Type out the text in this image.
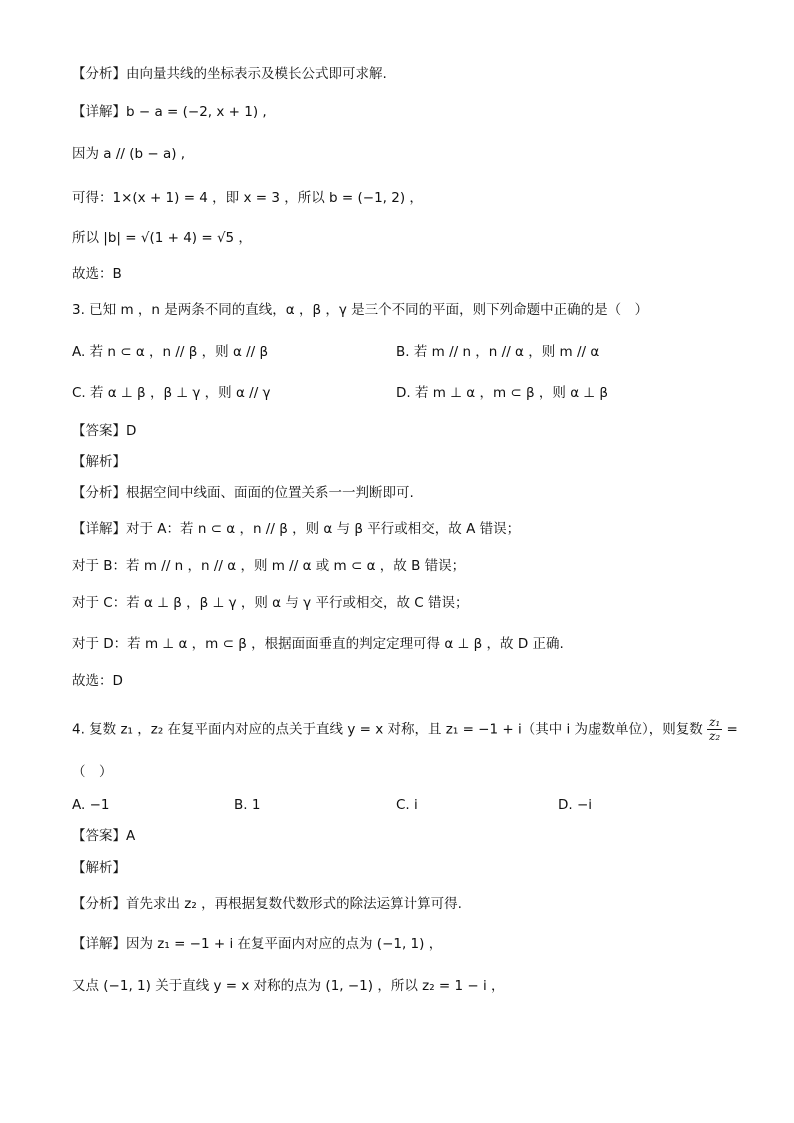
【分析】由向量共线的坐标表示及模长公式即可求解.
【详解】b − a = (−2, x + 1) ,
因为 a // (b − a) ,
可得：1×(x + 1) = 4 ，即 x = 3 ，所以 b = (−1, 2) ，
所以 |b| = √(1 + 4) = √5 ，
故选：B
3. 已知 m ，n 是两条不同的直线，α ，β ，γ 是三个不同的平面，则下列命题中正确的是（　）
A. 若 n ⊂ α ，n // β ，则 α // β	B. 若 m // n ，n // α ，则 m // α
C. 若 α ⊥ β ，β ⊥ γ ，则 α // γ	D. 若 m ⊥ α ，m ⊂ β ，则 α ⊥ β
【答案】D
【解析】
【分析】根据空间中线面、面面的位置关系一一判断即可.
【详解】对于 A：若 n ⊂ α ，n // β ，则 α 与 β 平行或相交，故 A 错误；
对于 B：若 m // n ，n // α ，则 m // α 或 m ⊂ α ，故 B 错误；
对于 C：若 α ⊥ β ，β ⊥ γ ，则 α 与 γ 平行或相交，故 C 错误；
对于 D：若 m ⊥ α ，m ⊂ β ，根据面面垂直的判定定理可得 α ⊥ β ，故 D 正确.
故选：D
4. 复数 z₁ ，z₂ 在复平面内对应的点关于直线 y = x 对称，且 z₁ = −1 + i（其中 i 为虚数单位），则复数 $\frac{\text{z₁}}{\text{z₂}}$ =
（　）
A. −1	B. 1	C. i	D. −i
【答案】A
【解析】
【分析】首先求出 z₂ ，再根据复数代数形式的除法运算计算可得.
【详解】因为 z₁ = −1 + i 在复平面内对应的点为 (−1, 1) ，
又点 (−1, 1) 关于直线 y = x 对称的点为 (1, −1) ，所以 z₂ = 1 − i ，
